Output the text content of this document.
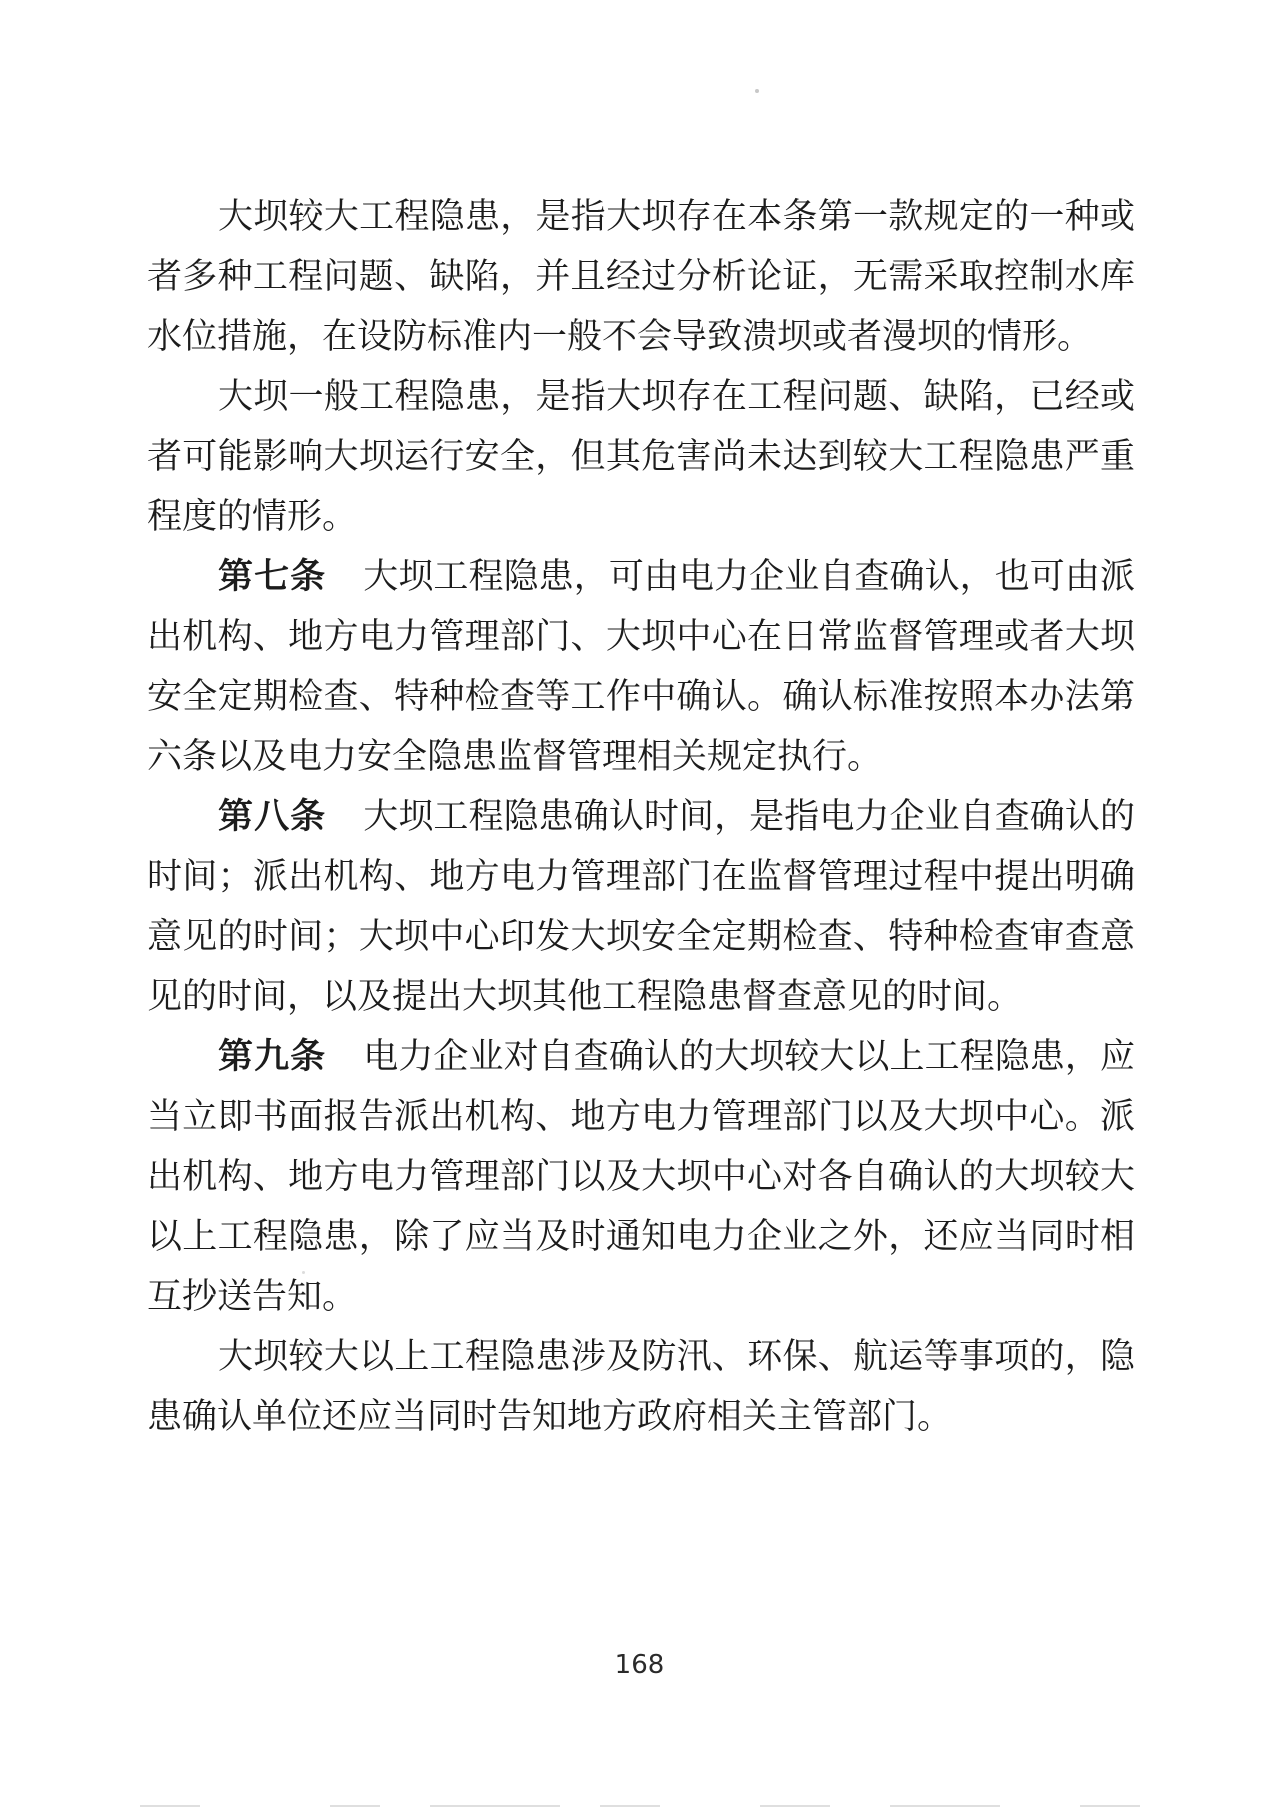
大坝较大工程隐患，是指大坝存在本条第一款规定的一种或者多种工程问题、缺陷，并且经过分析论证，无需采取控制水库水位措施，在设防标准内一般不会导致溃坝或者漫坝的情形。

大坝一般工程隐患，是指大坝存在工程问题、缺陷，已经或者可能影响大坝运行安全，但其危害尚未达到较大工程隐患严重程度的情形。

第七条 大坝工程隐患，可由电力企业自查确认，也可由派出机构、地方电力管理部门、大坝中心在日常监督管理或者大坝安全定期检查、特种检查等工作中确认。确认标准按照本办法第六条以及电力安全隐患监督管理相关规定执行。

第八条 大坝工程隐患确认时间，是指电力企业自查确认的时间；派出机构、地方电力管理部门在监督管理过程中提出明确意见的时间；大坝中心印发大坝安全定期检查、特种检查审查意见的时间，以及提出大坝其他工程隐患督查意见的时间。

第九条 电力企业对自查确认的大坝较大以上工程隐患，应当立即书面报告派出机构、地方电力管理部门以及大坝中心。派出机构、地方电力管理部门以及大坝中心对各自确认的大坝较大以上工程隐患，除了应当及时通知电力企业之外，还应当同时相互抄送告知。

大坝较大以上工程隐患涉及防汛、环保、航运等事项的，隐患确认单位还应当同时告知地方政府相关主管部门。

168
